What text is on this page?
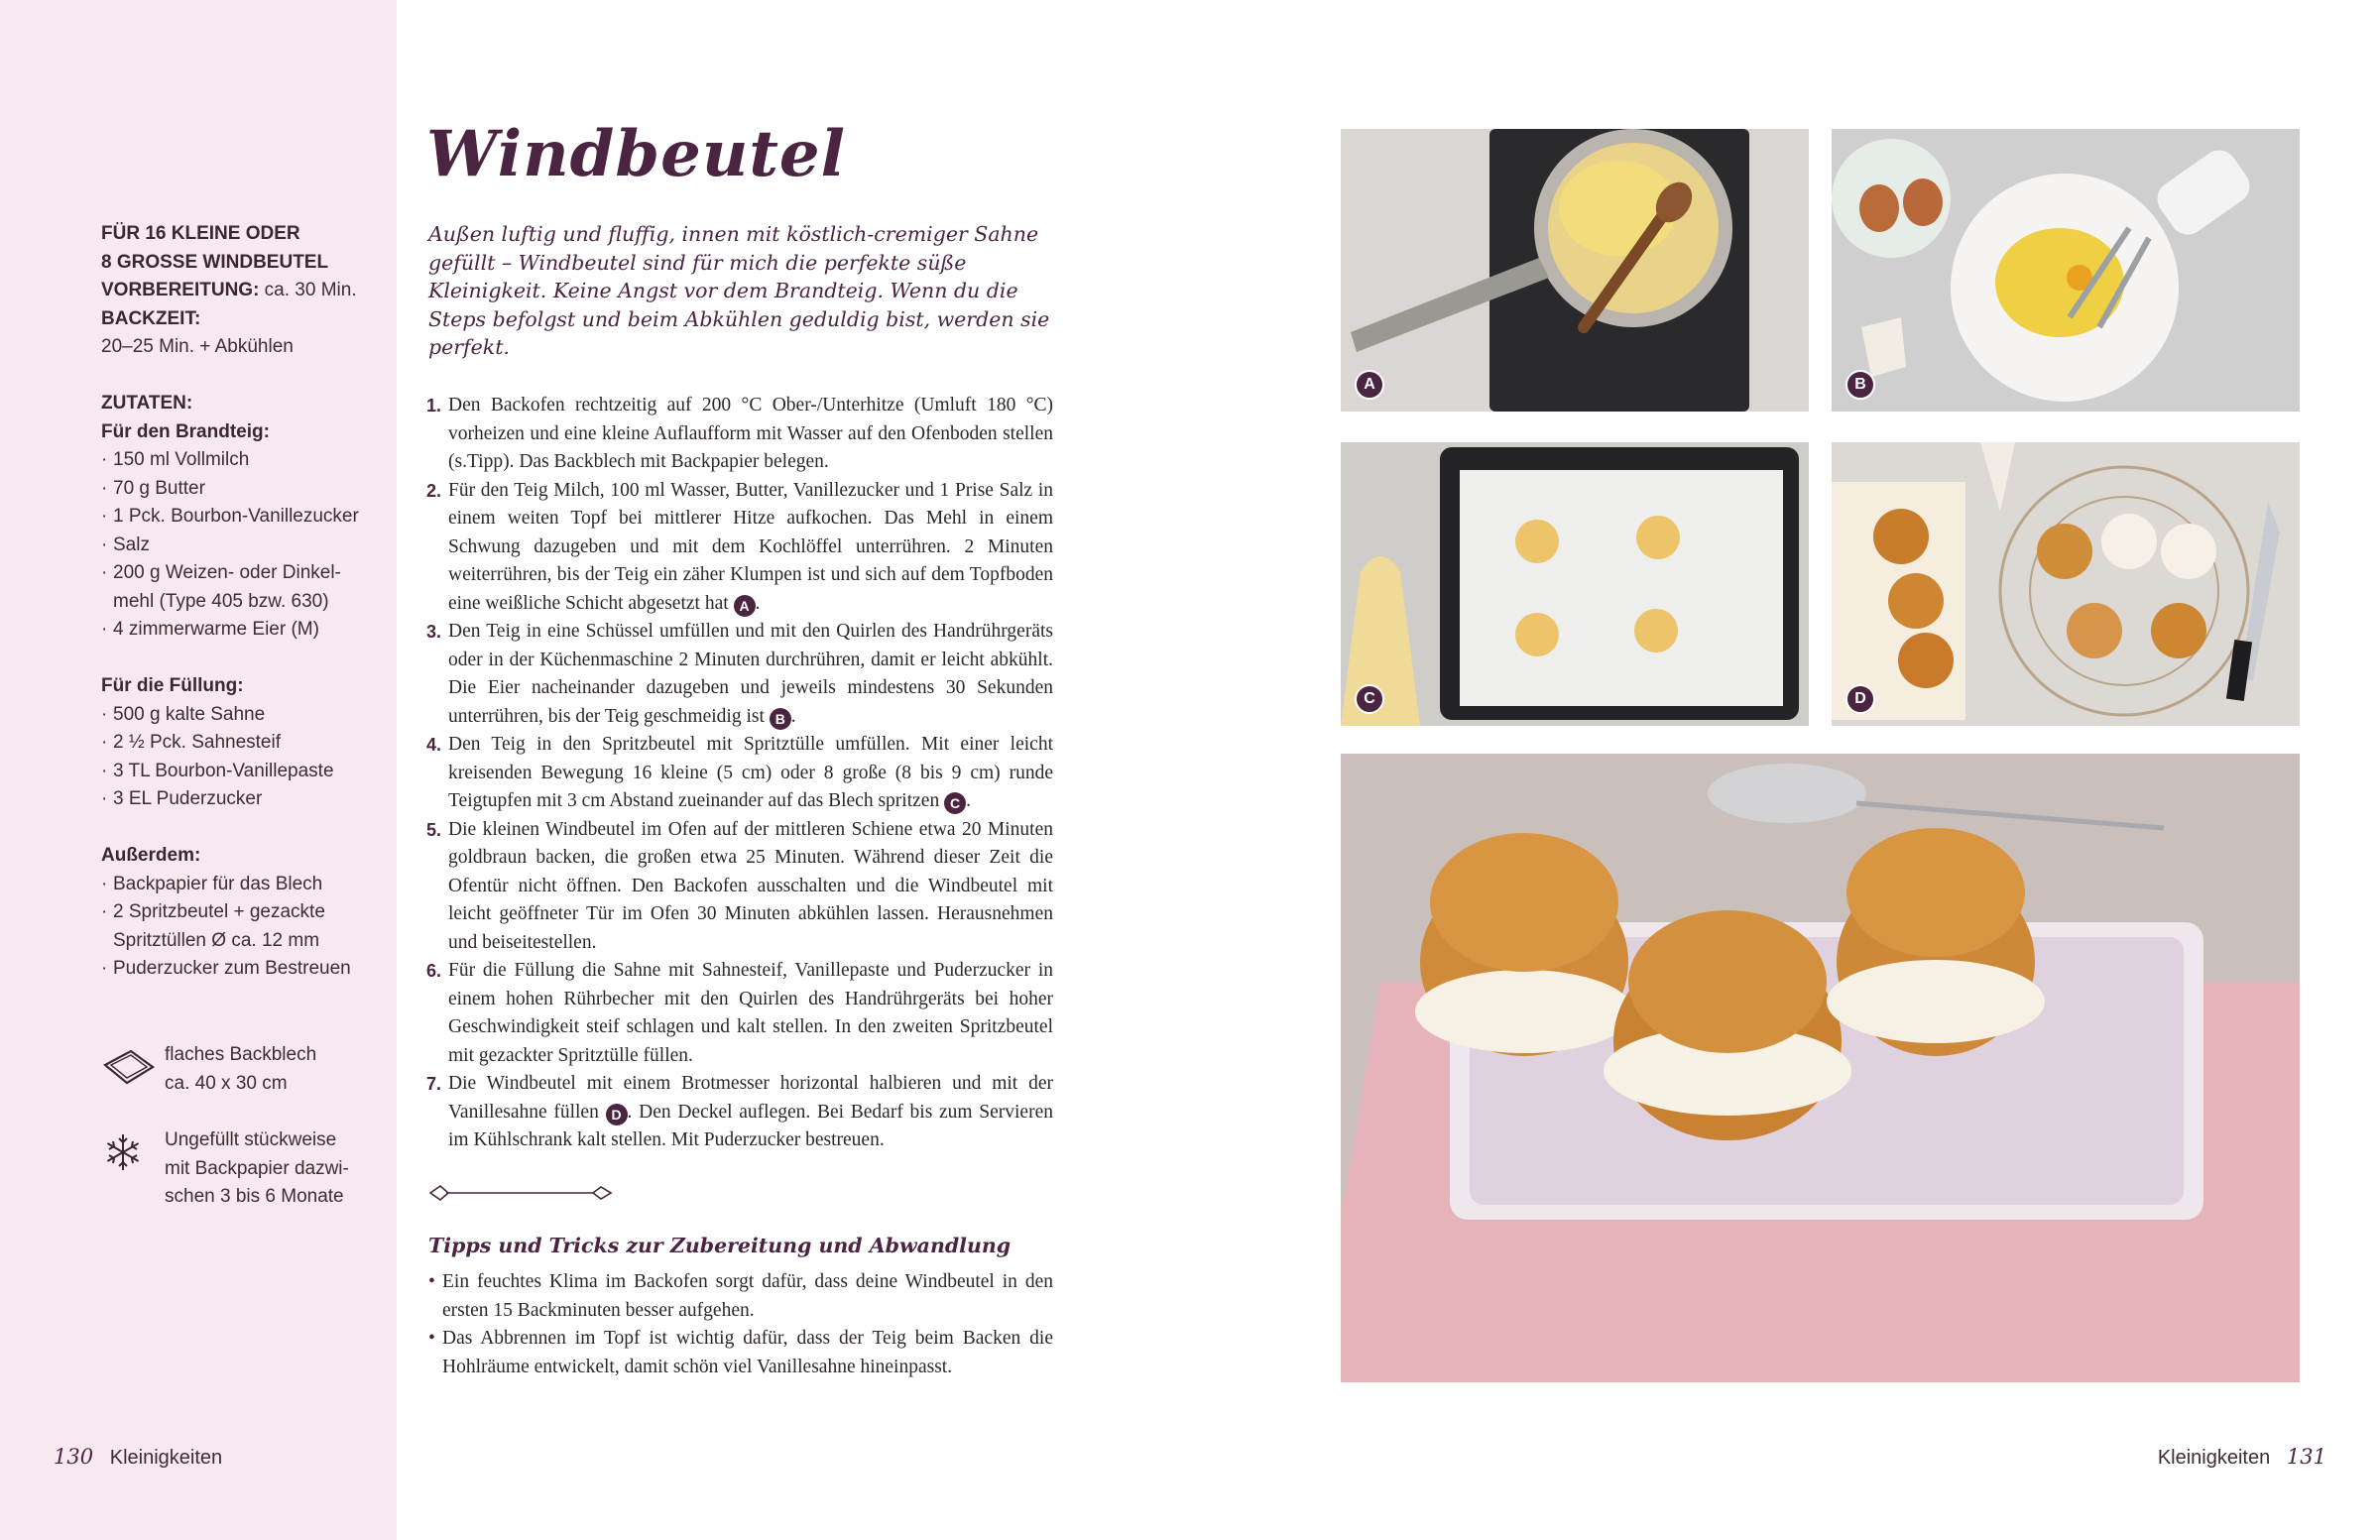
FÜR 16 KLEINE ODER
8 GROSSE WINDBEUTEL
VORBEREITUNG: ca. 30 Min.
BACKZEIT:
20–25 Min. + Abkühlen
ZUTATEN:
Für den Brandteig:
· 150 ml Vollmilch
· 70 g Butter
· 1 Pck. Bourbon-Vanillezucker
· Salz
· 200 g Weizen- oder Dinkel-
mehl (Type 405 bzw. 630)
· 4 zimmerwarme Eier (M)
Für die Füllung:
· 500 g kalte Sahne
· 2 ½ Pck. Sahnesteif
· 3 TL Bourbon-Vanillepaste
· 3 EL Puderzucker
Außerdem:
· Backpapier für das Blech
· 2 Spritzbeutel + gezackte
Spritztüllen Ø ca. 12 mm
· Puderzucker zum Bestreuen
flaches Backblech
ca. 40 x 30 cm
Ungefüllt stückweise
mit Backpapier dazwi-
schen 3 bis 6 Monate
Windbeutel

Außen luftig und fluffig, innen mit köstlich-cremiger Sahne gefüllt – Windbeutel sind für mich die perfekte süße Kleinigkeit. Keine Angst vor dem Brandteig. Wenn du die Steps befolgst und beim Abkühlen geduldig bist, werden sie perfekt.

1. Den Backofen rechtzeitig auf 200 °C Ober-/Unterhitze (Umluft 180 °C) vorheizen und eine kleine Auflaufform mit Wasser auf den Ofenboden stellen (s.Tipp). Das Backblech mit Backpapier belegen.
2. Für den Teig Milch, 100 ml Wasser, Butter, Vanillezucker und 1 Prise Salz in einem weiten Topf bei mittlerer Hitze aufkochen. Das Mehl in einem Schwung dazugeben und mit dem Kochlöffel unterrühren. 2 Minuten weiterrühren, bis der Teig ein zäher Klumpen ist und sich auf dem Topfboden eine weißliche Schicht abgesetzt hat A .
3. Den Teig in eine Schüssel umfüllen und mit den Quirlen des Handrührgeräts oder in der Küchenmaschine 2 Minuten durchrühren, damit er leicht abkühlt. Die Eier nacheinander dazugeben und jeweils mindestens 30 Sekunden unterrühren, bis der Teig geschmeidig ist B .
4. Den Teig in den Spritzbeutel mit Spritztülle umfüllen. Mit einer leicht kreisenden Bewegung 16 kleine (5 cm) oder 8 große (8 bis 9 cm) runde Teigtupfen mit 3 cm Abstand zueinander auf das Blech spritzen C .
5. Die kleinen Windbeutel im Ofen auf der mittleren Schiene etwa 20 Minuten goldbraun backen, die großen etwa 25 Minuten. Während dieser Zeit die Ofentür nicht öffnen. Den Backofen ausschalten und die Windbeutel mit leicht geöffneter Tür im Ofen 30 Minuten abkühlen lassen. Herausnehmen und beiseitestellen.
6. Für die Füllung die Sahne mit Sahnesteif, Vanillepaste und Puderzucker in einem hohen Rührbecher mit den Quirlen des Handrührgeräts bei hoher Geschwindigkeit steif schlagen und kalt stellen. In den zweiten Spritzbeutel mit gezackter Spritztülle füllen.
7. Die Windbeutel mit einem Brotmesser horizontal halbieren und mit der Vanillesahne füllen D . Den Deckel auflegen. Bei Bedarf bis zum Servieren im Kühlschrank kalt stellen. Mit Puderzucker bestreuen.
Tipps und Tricks zur Zubereitung und Abwandlung
• Ein feuchtes Klima im Backofen sorgt dafür, dass deine Windbeutel in den ersten 15 Backminuten besser aufgehen.
• Das Abbrennen im Topf ist wichtig dafür, dass der Teig beim Backen die Hohlräume entwickelt, damit schön viel Vanillesahne hineinpasst.
A	B
C	D
130 Kleinigkeiten	Kleinigkeiten 131
